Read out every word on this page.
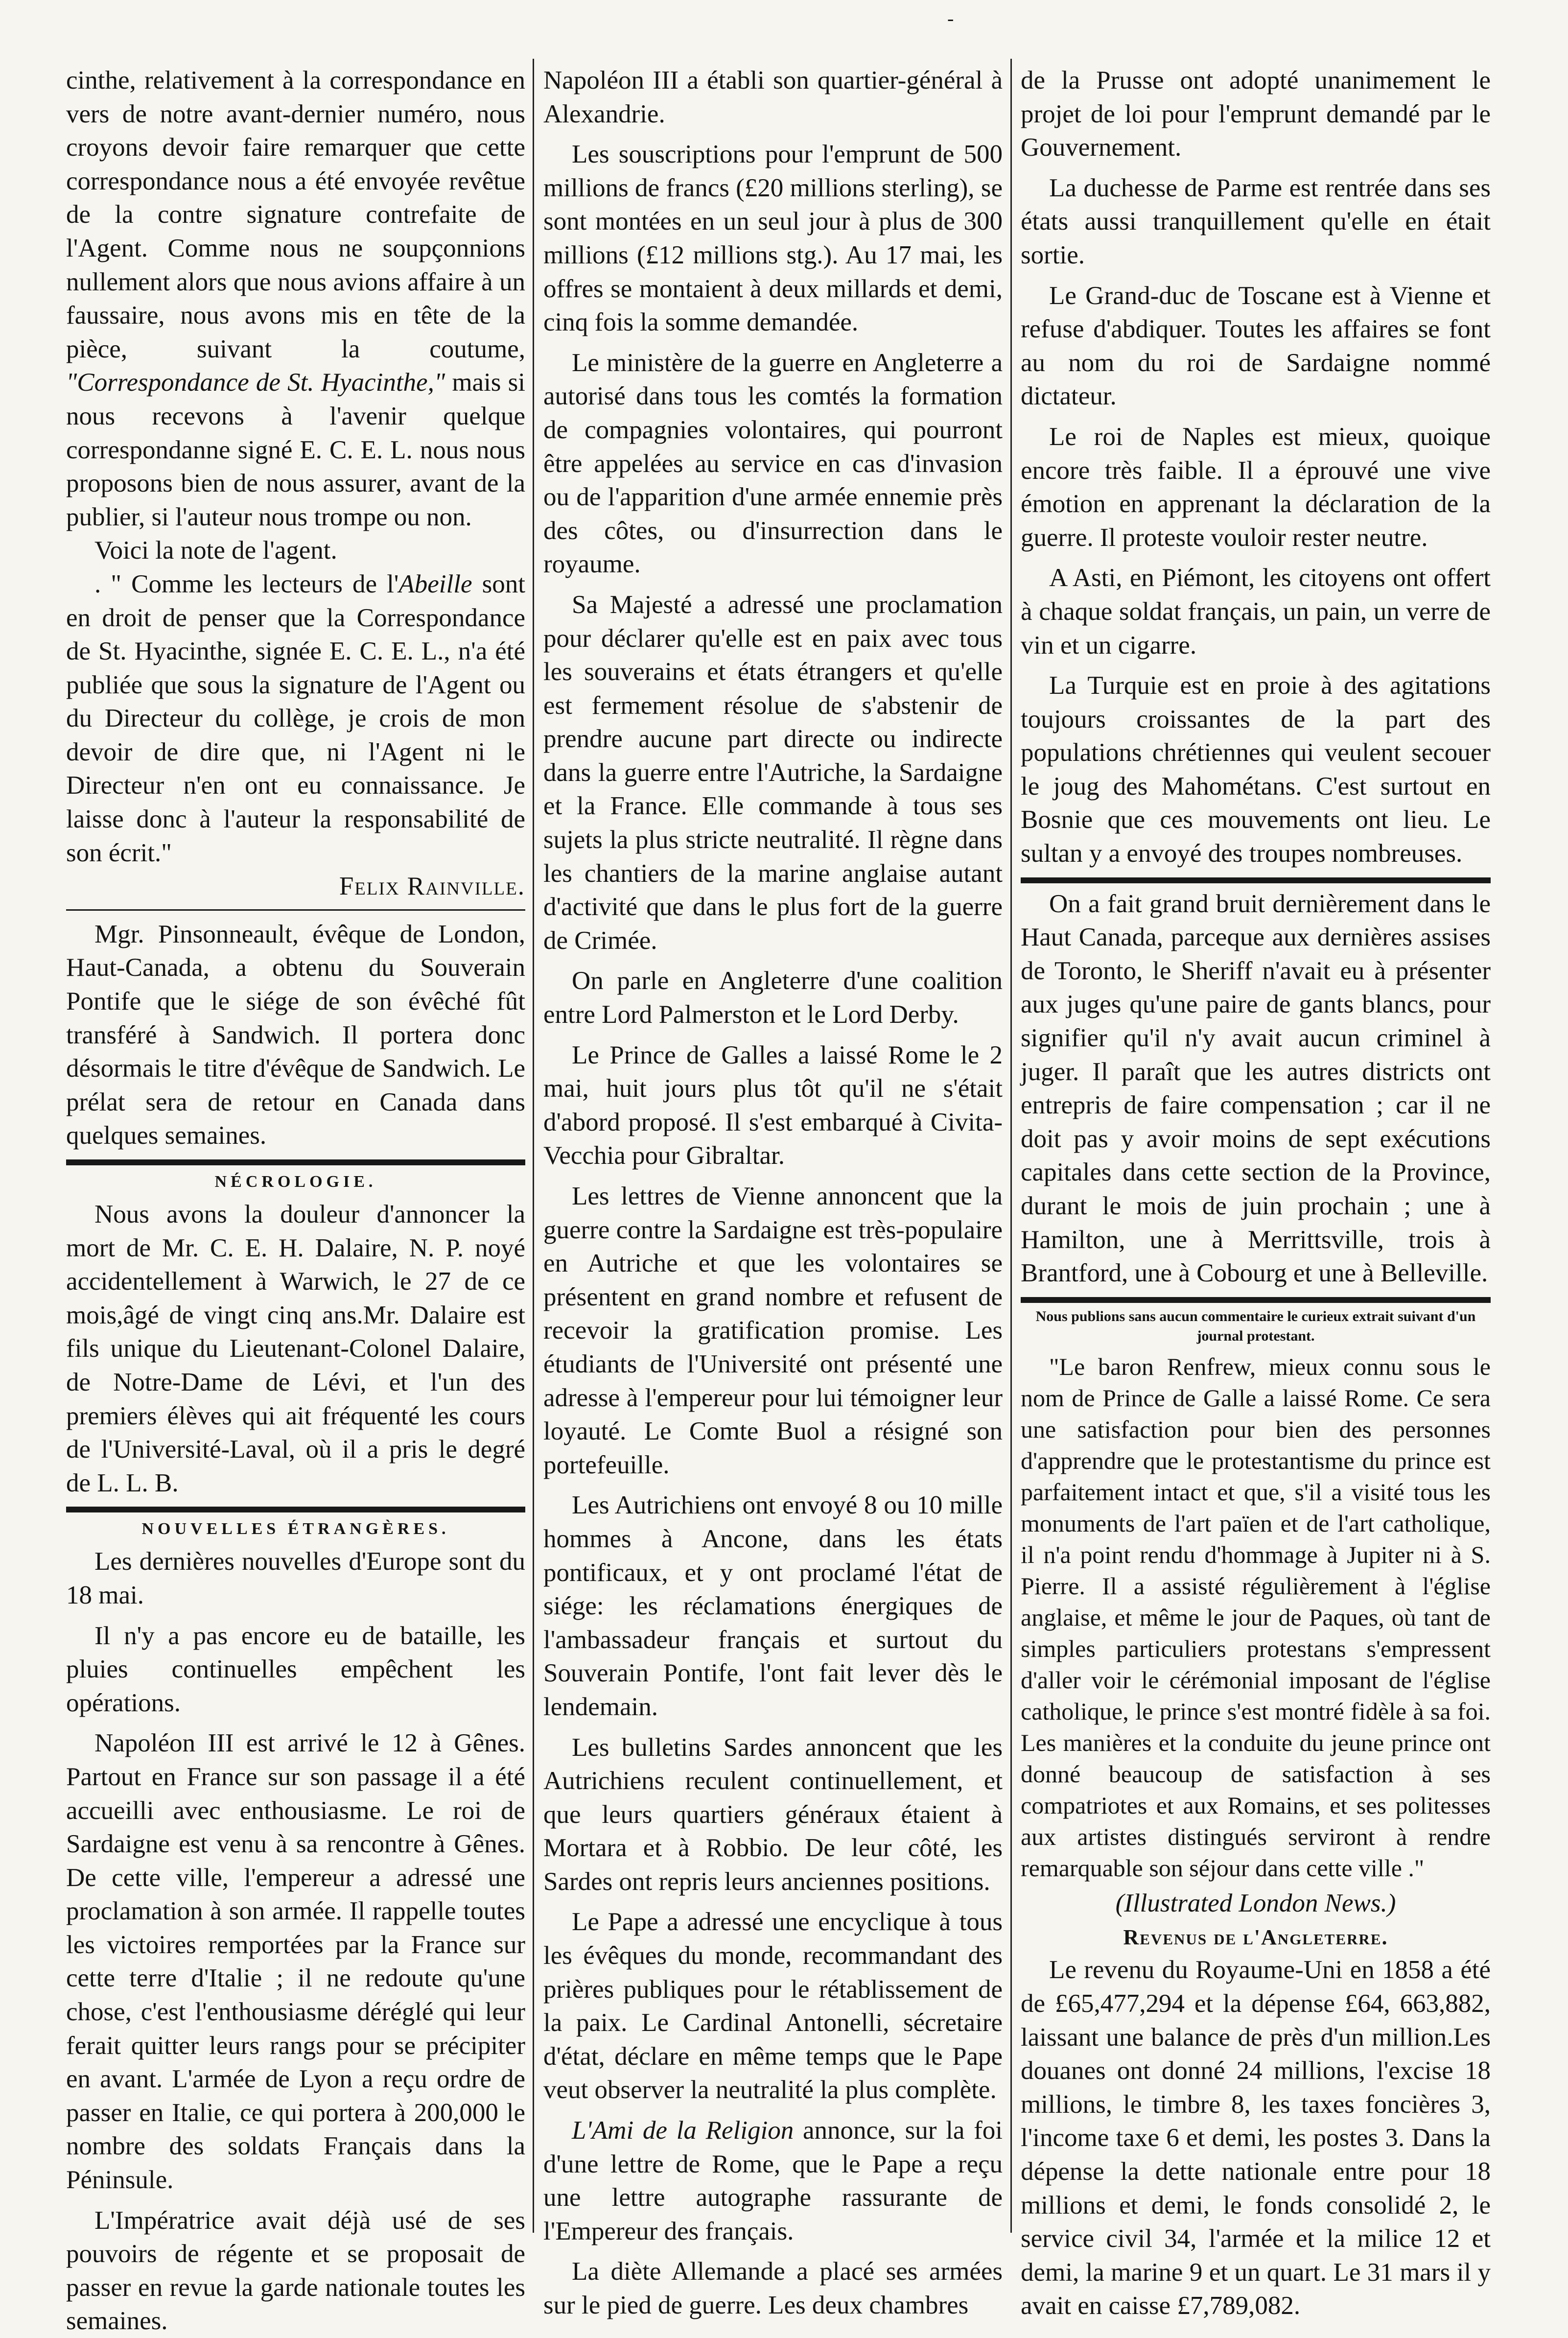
-

cinthe, relativement à la correspondance en vers de notre avant-dernier numéro, nous croyons devoir faire remarquer que cette correspondance nous a été envoyée revêtue de la contre signature contrefaite de l'Agent. Comme nous ne soupçonnions nullement alors que nous avions affaire à un faussaire, nous avons mis en tête de la pièce, suivant la coutume, "Correspondance de St. Hyacinthe," mais si nous recevons à l'avenir quelque correspondanne signé E. C. E. L. nous nous proposons bien de nous assurer, avant de la publier, si l'auteur nous trompe ou non.

Voici la note de l'agent.

. " Comme les lecteurs de l'Abeille sont en droit de penser que la Correspondance de St. Hyacinthe, signée E. C. E. L., n'a été publiée que sous la signature de l'Agent ou du Directeur du collège, je crois de mon devoir de dire que, ni l'Agent ni le Directeur n'en ont eu connaissance. Je laisse donc à l'auteur la responsabilité de son écrit."

Felix Rainville.

Mgr. Pinsonneault, évêque de London, Haut-Canada, a obtenu du Souverain Pontife que le siége de son évêché fût transféré à Sandwich. Il portera donc désormais le titre d'évêque de Sandwich. Le prélat sera de retour en Canada dans quelques semaines.

NÉCROLOGIE.

Nous avons la douleur d'annoncer la mort de Mr. C. E. H. Dalaire, N. P. noyé accidentellement à Warwich, le 27 de ce mois,âgé de vingt cinq ans.Mr. Dalaire est fils unique du Lieutenant-Colonel Dalaire, de Notre-Dame de Lévi, et l'un des premiers élèves qui ait fréquenté les cours de l'Université-Laval, où il a pris le degré de L. L. B.

NOUVELLES ÉTRANGÈRES.

Les dernières nouvelles d'Europe sont du 18 mai.

Il n'y a pas encore eu de bataille, les pluies continuelles empêchent les opérations.

Napoléon III est arrivé le 12 à Gênes. Partout en France sur son passage il a été accueilli avec enthousiasme. Le roi de Sardaigne est venu à sa rencontre à Gênes. De cette ville, l'empereur a adressé une proclamation à son armée. Il rappelle toutes les victoires remportées par la France sur cette terre d'Italie ; il ne redoute qu'une chose, c'est l'enthousiasme déréglé qui leur ferait quitter leurs rangs pour se précipiter en avant. L'armée de Lyon a reçu ordre de passer en Italie, ce qui portera à 200,000 le nombre des soldats Français dans la Péninsule.

L'Impératrice avait déjà usé de ses pouvoirs de régente et se proposait de passer en revue la garde nationale toutes les semaines.

Napoléon III a établi son quartier-général à Alexandrie.

Les souscriptions pour l'emprunt de 500 millions de francs (£20 millions sterling), se sont montées en un seul jour à plus de 300 millions (£12 millions stg.). Au 17 mai, les offres se montaient à deux millards et demi, cinq fois la somme demandée.

Le ministère de la guerre en Angleterre a autorisé dans tous les comtés la formation de compagnies volontaires, qui pourront être appelées au service en cas d'invasion ou de l'apparition d'une armée ennemie près des côtes, ou d'insurrection dans le royaume.

Sa Majesté a adressé une proclamation pour déclarer qu'elle est en paix avec tous les souverains et états étrangers et qu'elle est fermement résolue de s'abstenir de prendre aucune part directe ou indirecte dans la guerre entre l'Autriche, la Sardaigne et la France. Elle commande à tous ses sujets la plus stricte neutralité. Il règne dans les chantiers de la marine anglaise autant d'activité que dans le plus fort de la guerre de Crimée.

On parle en Angleterre d'une coalition entre Lord Palmerston et le Lord Derby.

Le Prince de Galles a laissé Rome le 2 mai, huit jours plus tôt qu'il ne s'était d'abord proposé. Il s'est embarqué à Civita-Vecchia pour Gibraltar.

Les lettres de Vienne annoncent que la guerre contre la Sardaigne est très-populaire en Autriche et que les volontaires se présentent en grand nombre et refusent de recevoir la gratification promise. Les étudiants de l'Université ont présenté une adresse à l'empereur pour lui témoigner leur loyauté. Le Comte Buol a résigné son portefeuille.

Les Autrichiens ont envoyé 8 ou 10 mille hommes à Ancone, dans les états pontificaux, et y ont proclamé l'état de siége: les réclamations énergiques de l'ambassadeur français et surtout du Souverain Pontife, l'ont fait lever dès le lendemain.

Les bulletins Sardes annoncent que les Autrichiens reculent continuellement, et que leurs quartiers généraux étaient à Mortara et à Robbio. De leur côté, les Sardes ont repris leurs anciennes positions.

Le Pape a adressé une encyclique à tous les évêques du monde, recommandant des prières publiques pour le rétablissement de la paix. Le Cardinal Antonelli, sécretaire d'état, déclare en même temps que le Pape veut observer la neutralité la plus complète.

L'Ami de la Religion annonce, sur la foi d'une lettre de Rome, que le Pape a reçu une lettre autographe rassurante de l'Empereur des français.

La diète Allemande a placé ses armées sur le pied de guerre. Les deux chambres

de la Prusse ont adopté unanimement le projet de loi pour l'emprunt demandé par le Gouvernement.

La duchesse de Parme est rentrée dans ses états aussi tranquillement qu'elle en était sortie.

Le Grand-duc de Toscane est à Vienne et refuse d'abdiquer. Toutes les affaires se font au nom du roi de Sardaigne nommé dictateur.

Le roi de Naples est mieux, quoique encore très faible. Il a éprouvé une vive émotion en apprenant la déclaration de la guerre. Il proteste vouloir rester neutre.

A Asti, en Piémont, les citoyens ont offert à chaque soldat français, un pain, un verre de vin et un cigarre.

La Turquie est en proie à des agitations toujours croissantes de la part des populations chrétiennes qui veulent secouer le joug des Mahométans. C'est surtout en Bosnie que ces mouvements ont lieu. Le sultan y a envoyé des troupes nombreuses.

On a fait grand bruit dernièrement dans le Haut Canada, parceque aux dernières assises de Toronto, le Sheriff n'avait eu à présenter aux juges qu'une paire de gants blancs, pour signifier qu'il n'y avait aucun criminel à juger. Il paraît que les autres districts ont entrepris de faire compensation ; car il ne doit pas y avoir moins de sept exécutions capitales dans cette section de la Province, durant le mois de juin prochain ; une à Hamilton, une à Merrittsville, trois à Brantford, une à Cobourg et une à Belleville.

Nous publions sans aucun commentaire le curieux extrait suivant d'un journal protestant.

"Le baron Renfrew, mieux connu sous le nom de Prince de Galle a laissé Rome. Ce sera une satisfaction pour bien des personnes d'apprendre que le protestantisme du prince est parfaitement intact et que, s'il a visité tous les monuments de l'art païen et de l'art catholique, il n'a point rendu d'hommage à Jupiter ni à S. Pierre. Il a assisté régulièrement à l'église anglaise, et même le jour de Paques, où tant de simples particuliers protestans s'empressent d'aller voir le cérémonial imposant de l'église catholique, le prince s'est montré fidèle à sa foi. Les manières et la conduite du jeune prince ont donné beaucoup de satisfaction à ses compatriotes et aux Romains, et ses politesses aux artistes distingués serviront à rendre remarquable son séjour dans cette ville ."

(Illustrated London News.)

Revenus de l'Angleterre.

Le revenu du Royaume-Uni en 1858 a été de £65,477,294 et la dépense £64, 663,882, laissant une balance de près d'un million.Les douanes ont donné 24 millions, l'excise 18 millions, le timbre 8, les taxes foncières 3, l'income taxe 6 et demi, les postes 3. Dans la dépense la dette nationale entre pour 18 millions et demi, le fonds consolidé 2, le service civil 34, l'armée et la milice 12 et demi, la marine 9 et un quart. Le 31 mars il y avait en caisse £7,789,082.
